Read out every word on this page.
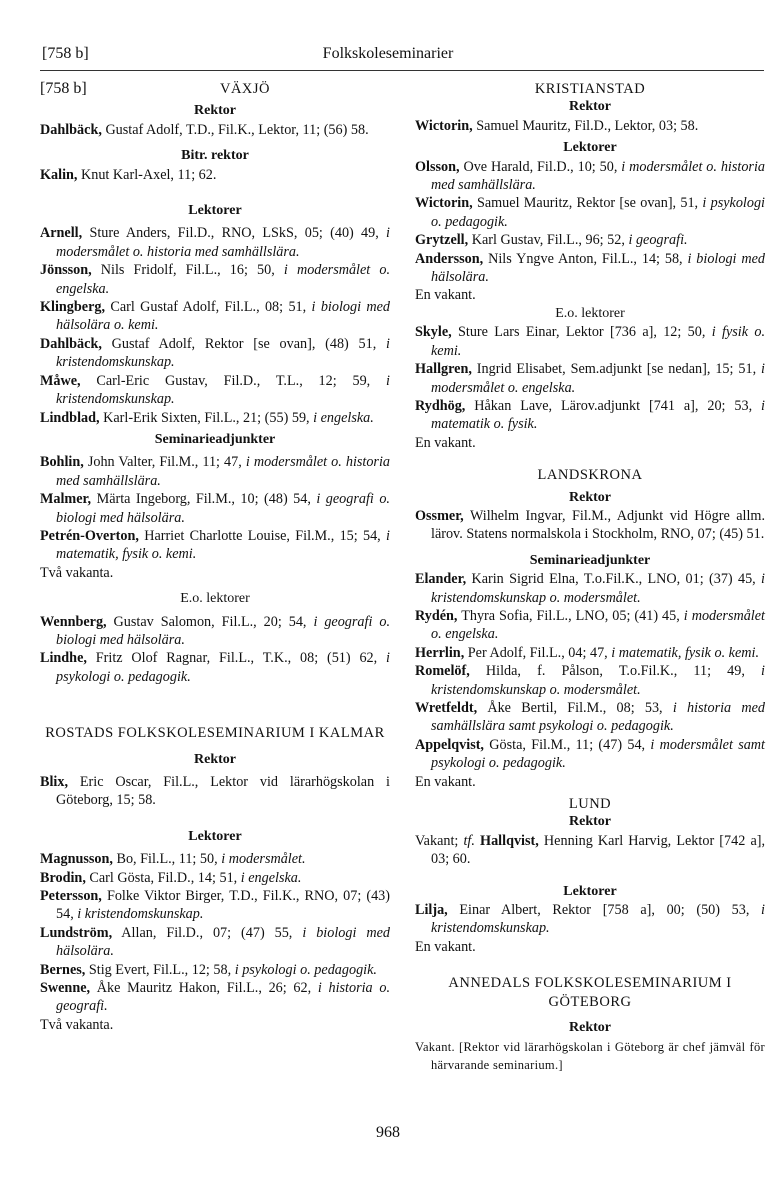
[758 b]	Folkskoleseminarier
[758 b]	VÄXJÖ
Rektor
Dahlbäck, Gustaf Adolf, T.D., Fil.K., Lektor, 11; (56) 58.
Bitr. rektor
Kalin, Knut Karl-Axel, 11; 62.
Lektorer
Arnell, Sture Anders, Fil.D., RNO, LSkS, 05; (40) 49, i modersmålet o. historia med samhällslära.
Jönsson, Nils Fridolf, Fil.L., 16; 50, i modersmålet o. engelska.
Klingberg, Carl Gustaf Adolf, Fil.L., 08; 51, i biologi med hälsolära o. kemi.
Dahlbäck, Gustaf Adolf, Rektor [se ovan], (48) 51, i kristendomskunskap.
Måwe, Carl-Eric Gustav, Fil.D., T.L., 12; 59, i kristendomskunskap.
Lindblad, Karl-Erik Sixten, Fil.L., 21; (55) 59, i engelska.
Seminarieadjunkter
Bohlin, John Valter, Fil.M., 11; 47, i modersmålet o. historia med samhällslära.
Malmer, Märta Ingeborg, Fil.M., 10; (48) 54, i geografi o. biologi med hälsolära.
Petrén-Overton, Harriet Charlotte Louise, Fil.M., 15; 54, i matematik, fysik o. kemi.
Två vakanta.
E.o. lektorer
Wennberg, Gustav Salomon, Fil.L., 20; 54, i geografi o. biologi med hälsolära.
Lindhe, Fritz Olof Ragnar, Fil.L., T.K., 08; (51) 62, i psykologi o. pedagogik.
ROSTADS FOLKSKOLESEMINARIUM I KALMAR
Rektor
Blix, Eric Oscar, Fil.L., Lektor vid lärarhögskolan i Göteborg, 15; 58.
Lektorer
Magnusson, Bo, Fil.L., 11; 50, i modersmålet.
Brodin, Carl Gösta, Fil.D., 14; 51, i engelska.
Petersson, Folke Viktor Birger, T.D., Fil.K., RNO, 07; (43) 54, i kristendomskunskap.
Lundström, Allan, Fil.D., 07; (47) 55, i biologi med hälsolära.
Bernes, Stig Evert, Fil.L., 12; 58, i psykologi o. pedagogik.
Swenne, Åke Mauritz Hakon, Fil.L., 26; 62, i historia o. geografi.
Två vakanta.
KRISTIANSTAD
Rektor
Wictorin, Samuel Mauritz, Fil.D., Lektor, 03; 58.
Lektorer
Olsson, Ove Harald, Fil.D., 10; 50, i modersmålet o. historia med samhällslära.
Wictorin, Samuel Mauritz, Rektor [se ovan], 51, i psykologi o. pedagogik.
Grytzell, Karl Gustav, Fil.L., 96; 52, i geografi.
Andersson, Nils Yngve Anton, Fil.L., 14; 58, i biologi med hälsolära.
En vakant.
E.o. lektorer
Skyle, Sture Lars Einar, Lektor [736 a], 12; 50, i fysik o. kemi.
Hallgren, Ingrid Elisabet, Sem.adjunkt [se nedan], 15; 51, i modersmålet o. engelska.
Rydhög, Håkan Lave, Lärov.adjunkt [741 a], 20; 53, i matematik o. fysik.
En vakant.
LANDSKRONA
Rektor
Ossmer, Wilhelm Ingvar, Fil.M., Adjunkt vid Högre allm. lärov. Statens normalskola i Stockholm, RNO, 07; (45) 51.
Seminarieadjunkter
Elander, Karin Sigrid Elna, T.o.Fil.K., LNO, 01; (37) 45, i kristendomskunskap o. modersmålet.
Rydén, Thyra Sofia, Fil.L., LNO, 05; (41) 45, i modersmålet o. engelska.
Herrlin, Per Adolf, Fil.L., 04; 47, i matematik, fysik o. kemi.
Romelöf, Hilda, f. Pålson, T.o.Fil.K., 11; 49, i kristendomskunskap o. modersmålet.
Wretfeldt, Åke Bertil, Fil.M., 08; 53, i historia med samhällslära samt psykologi o. pedagogik.
Appelqvist, Gösta, Fil.M., 11; (47) 54, i modersmålet samt psykologi o. pedagogik.
En vakant.
LUND
Rektor
Vakant; tf. Hallqvist, Henning Karl Harvig, Lektor [742 a], 03; 60.
Lektorer
Lilja, Einar Albert, Rektor [758 a], 00; (50) 53, i kristendomskunskap.
En vakant.
ANNEDALS FOLKSKOLESEMINARIUM I GÖTEBORG
Rektor
Vakant. [Rektor vid lärarhögskolan i Göteborg är chef jämväl för härvarande seminarium.]
968
